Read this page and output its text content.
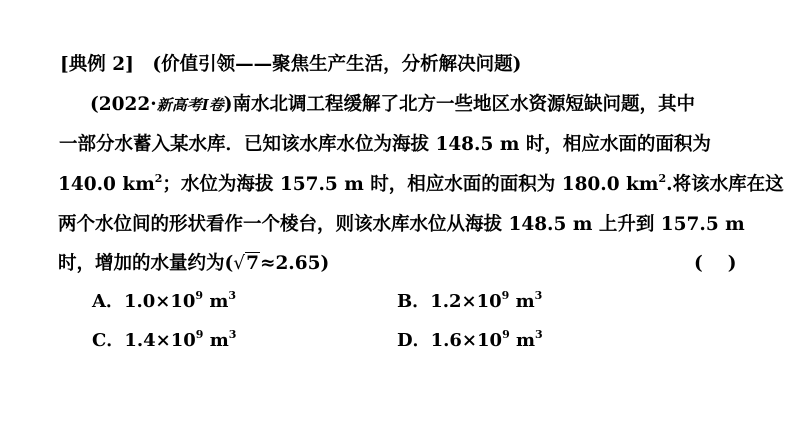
[典例 2]　(价值引领——聚焦生产生活，分析解决问题)
(2022·新高考Ⅰ卷)南水北调工程缓解了北方一些地区水资源短缺问题，其中
一部分水蓄入某水库．已知该水库水位为海拔 148.5 m 时，相应水面的面积为
140.0 $km^2$；水位为海拔 157.5 m 时，相应水面的面积为 180.0 $km^2$.将该水库在这
两个水位间的形状看作一个棱台，则该水库水位从海拔 148.5 m 上升到 157.5 m
时，增加的水量约为(√7≈2.65)	(　 )
A．$1.0\times 10^9$ $m^3$	B．$1.2\times 10^9$ $m^3$
C．$1.4\times 10^9$ $m^3$	D．$1.6\times 10^9$ $m^3$
